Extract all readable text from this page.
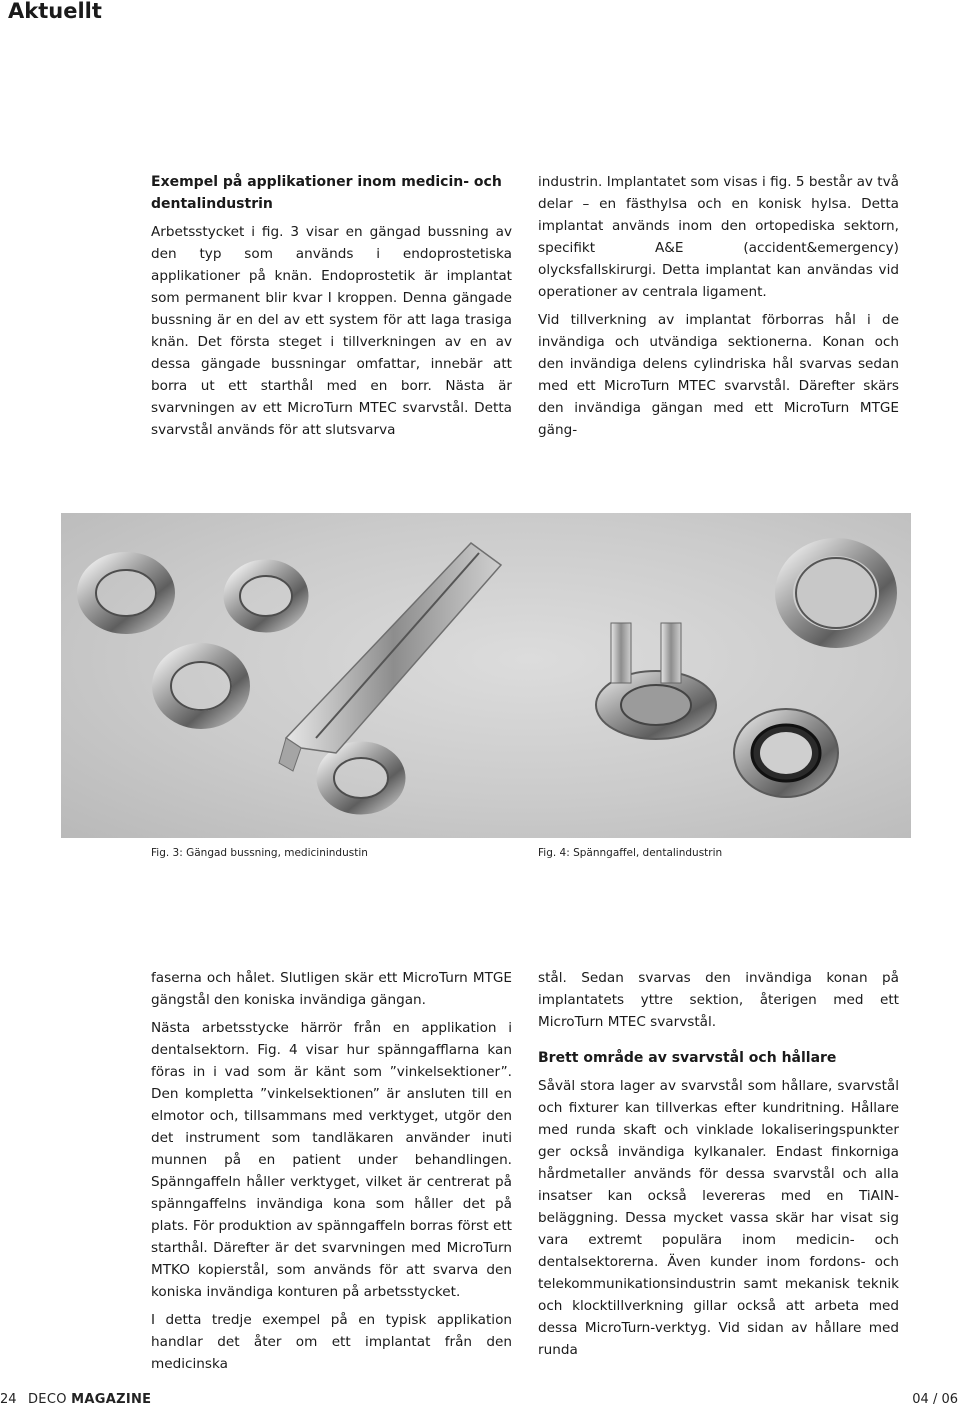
Aktuellt
Exempel på applikationer inom medicin- och dentalindustrin

Arbetsstycket i fig. 3 visar en gängad bussning av den typ som används i endoprostetiska applikationer på knän. Endoprostetik är implantat som permanent blir kvar I kroppen. Denna gängade bussning är en del av ett system för att laga trasiga knän. Det första steget i tillverkningen av en av dessa gängade bussningar omfattar, innebär att borra ut ett starthål med en borr. Nästa är svarvningen av ett MicroTurn MTEC svarvstål. Detta svarvstål används för att slutsvarva

industrin. Implantatet som visas i fig. 5 består av två delar – en fästhylsa och en konisk hylsa. Detta implantat används inom den ortopediska sektorn, specifikt A&E (accident&emergency) olycksfallskirurgi. Detta implantat kan användas vid operationer av centrala ligament.

Vid tillverkning av implantat förborras hål i de invändiga och utvändiga sektionerna. Konan och den invändiga delens cylindriska hål svarvas sedan med ett MicroTurn MTEC svarvstål. Därefter skärs den invändiga gängan med ett MicroTurn MTGE gäng-

Fig. 3: Gängad bussning, medicinindustin	Fig. 4: Spänngaffel, dentalindustrin

faserna och hålet. Slutligen skär ett MicroTurn MTGE gängstål den koniska invändiga gängan.

Nästa arbetsstycke härrör från en applikation i dentalsektorn. Fig. 4 visar hur spänngafflarna kan föras in i vad som är känt som ”vinkelsektioner”. Den kompletta ”vinkelsektionen” är ansluten till en elmotor och, tillsammans med verktyget, utgör den det instrument som tandläkaren använder inuti munnen på en patient under behandlingen. Spänngaffeln håller verktyget, vilket är centrerat på spänngaffelns invändiga kona som håller det på plats. För produktion av spänngaffeln borras först ett starthål. Därefter är det svarvningen med MicroTurn MTKO kopierstål, som används för att svarva den koniska invändiga konturen på arbetsstycket.

I detta tredje exempel på en typisk applikation handlar det åter om ett implantat från den medicinska

stål. Sedan svarvas den invändiga konan på implantatets yttre sektion, återigen med ett MicroTurn MTEC svarvstål.

Brett område av svarvstål och hållare

Såväl stora lager av svarvstål som hållare, svarvstål och fixturer kan tillverkas efter kundritning. Hållare med runda skaft och vinklade lokaliseringspunkter ger också invändiga kylkanaler. Endast finkorniga hårdmetaller används för dessa svarvstål och alla insatser kan också levereras med en TiAIN-beläggning. Dessa mycket vassa skär har visat sig vara extremt populära inom medicin- och dentalsektorerna. Även kunder inom fordons- och telekommunikationsindustrin samt mekanisk teknik och klocktillverkning gillar också att arbeta med dessa MicroTurn-verktyg. Vid sidan av hållare med runda

24 DECO MAGAZINE	04 / 06
